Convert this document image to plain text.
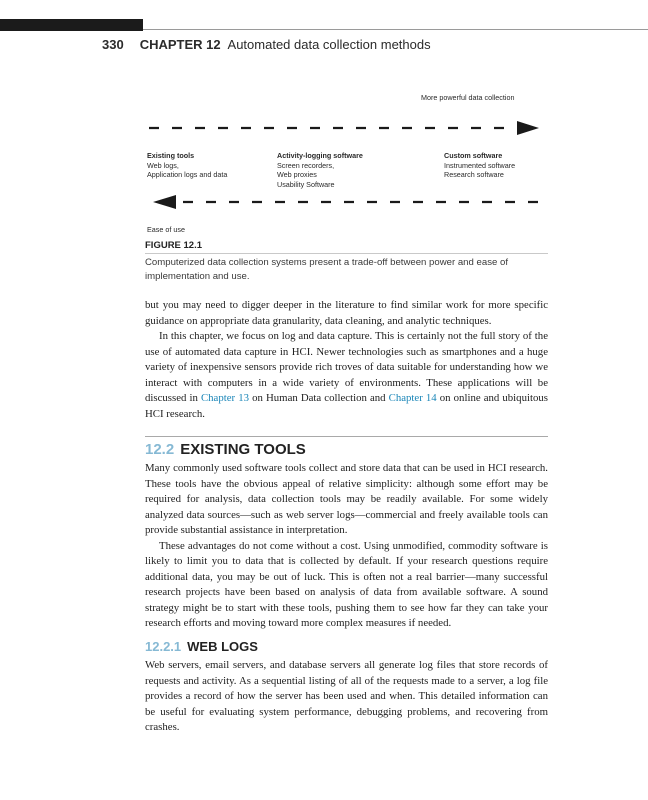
330 CHAPTER 12 Automated data collection methods
More powerful data collection
Existing tools
Web logs,
Application logs and data
Activity-logging software
Screen recorders,
Web proxies
Usability Software
Custom software
Instrumented software
Research software
Ease of use
FIGURE 12.1
Computerized data collection systems present a trade-off between power and ease of implementation and use.

but you may need to digger deeper in the literature to find similar work for more specific guidance on appropriate data granularity, data cleaning, and analytic techniques.

In this chapter, we focus on log and data capture. This is certainly not the full story of the use of automated data capture in HCI. Newer technologies such as smartphones and a huge variety of inexpensive sensors provide rich troves of data suitable for understanding how we interact with computers in a wide variety of environments. These applications will be discussed in Chapter 13 on Human Data collection and Chapter 14 on online and ubiquitous HCI research.

12.2 EXISTING TOOLS

Many commonly used software tools collect and store data that can be used in HCI research. These tools have the obvious appeal of relative simplicity: although some effort may be required for analysis, data collection tools may be readily available. For some widely analyzed data sources—such as web server logs—commercial and freely available tools can provide substantial assistance in interpretation.

These advantages do not come without a cost. Using unmodified, commodity software is likely to limit you to data that is collected by default. If your research questions require additional data, you may be out of luck. This is often not a real barrier—many successful research projects have been based on analysis of data from available software. A sound strategy might be to start with these tools, pushing them to see how far they can take your research efforts and moving toward more complex measures if needed.

12.2.1 WEB LOGS

Web servers, email servers, and database servers all generate log files that store records of requests and activity. As a sequential listing of all of the requests made to a server, a log file provides a record of how the server has been used and when. This detailed information can be useful for evaluating system performance, debugging problems, and recovering from crashes.
